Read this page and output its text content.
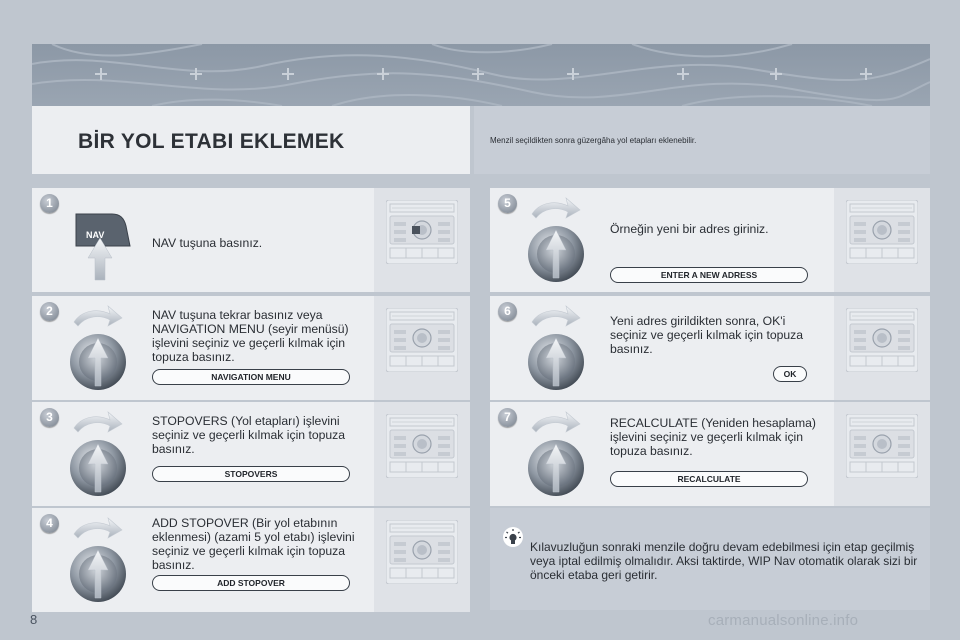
BİR YOL ETABI EKLEMEK	Menzil seçildikten sonra güzergâha yol etapları eklenebilir.

1
NAV
NAV tuşuna basınız.
2	NAV tuşuna tekrar basınız veya NAVIGATION MENU (seyir menüsü) işlevini seçiniz ve geçerli kılmak için topuza basınız.
NAVIGATION MENU
3	STOPOVERS (Yol etapları) işlevini seçiniz ve geçerli kılmak için topuza basınız.
STOPOVERS
4	ADD STOPOVER (Bir yol etabının eklenmesi) (azami 5 yol etabı) işlevini seçiniz ve geçerli kılmak için topuza basınız.
ADD STOPOVER
5
Örneğin yeni bir adres giriniz.
ENTER A NEW ADRESS
6
Yeni adres girildikten sonra, OK'i seçiniz ve geçerli kılmak için topuza basınız.
OK
7	RECALCULATE (Yeniden hesaplama) işlevini seçiniz ve geçerli kılmak için topuza basınız.
RECALCULATE
Kılavuzluğun sonraki menzile doğru devam edebilmesi için etap geçilmiş veya iptal edilmiş olmalıdır. Aksi taktirde, WIP Nav otomatik olarak sizi bir önceki etaba geri getirir.
8	carmanualsonline.info
